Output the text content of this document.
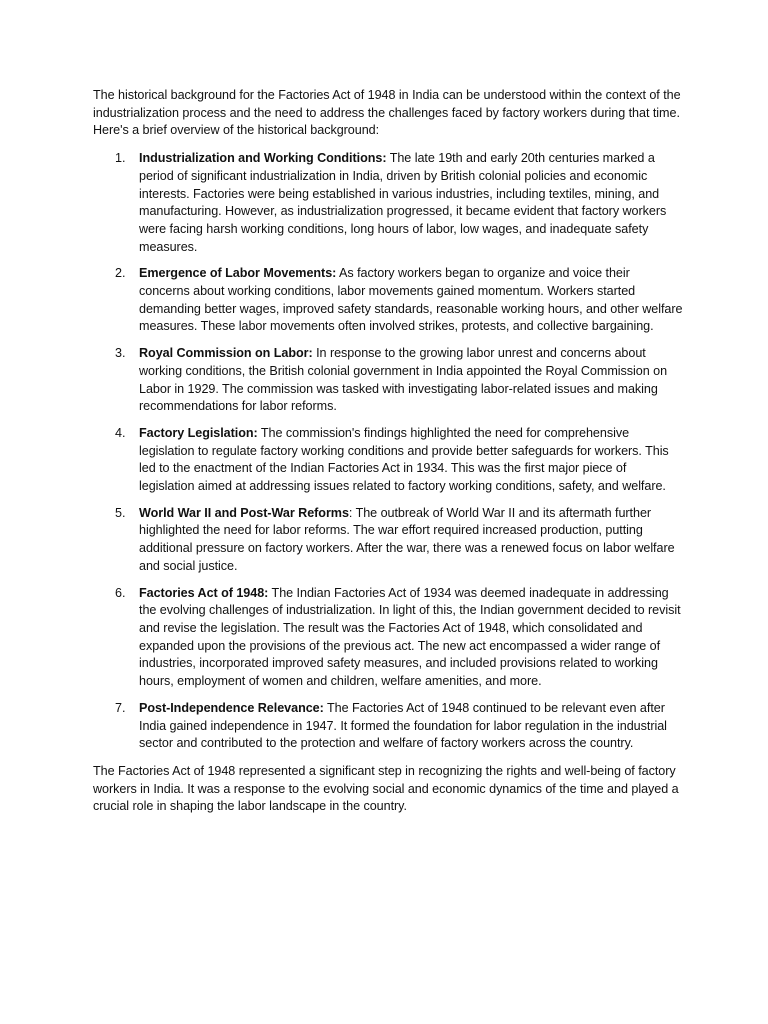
The historical background for the Factories Act of 1948 in India can be understood within the context of the industrialization process and the need to address the challenges faced by factory workers during that time. Here's a brief overview of the historical background:

1. Industrialization and Working Conditions: The late 19th and early 20th centuries marked a period of significant industrialization in India, driven by British colonial policies and economic interests. Factories were being established in various industries, including textiles, mining, and manufacturing. However, as industrialization progressed, it became evident that factory workers were facing harsh working conditions, long hours of labor, low wages, and inadequate safety measures.
2. Emergence of Labor Movements: As factory workers began to organize and voice their concerns about working conditions, labor movements gained momentum. Workers started demanding better wages, improved safety standards, reasonable working hours, and other welfare measures. These labor movements often involved strikes, protests, and collective bargaining.
3. Royal Commission on Labor: In response to the growing labor unrest and concerns about working conditions, the British colonial government in India appointed the Royal Commission on Labor in 1929. The commission was tasked with investigating labor-related issues and making recommendations for labor reforms.
4. Factory Legislation: The commission's findings highlighted the need for comprehensive legislation to regulate factory working conditions and provide better safeguards for workers. This led to the enactment of the Indian Factories Act in 1934. This was the first major piece of legislation aimed at addressing issues related to factory working conditions, safety, and welfare.
5. World War II and Post-War Reforms: The outbreak of World War II and its aftermath further highlighted the need for labor reforms. The war effort required increased production, putting additional pressure on factory workers. After the war, there was a renewed focus on labor welfare and social justice.
6. Factories Act of 1948: The Indian Factories Act of 1934 was deemed inadequate in addressing the evolving challenges of industrialization. In light of this, the Indian government decided to revisit and revise the legislation. The result was the Factories Act of 1948, which consolidated and expanded upon the provisions of the previous act. The new act encompassed a wider range of industries, incorporated improved safety measures, and included provisions related to working hours, employment of women and children, welfare amenities, and more.
7. Post-Independence Relevance: The Factories Act of 1948 continued to be relevant even after India gained independence in 1947. It formed the foundation for labor regulation in the industrial sector and contributed to the protection and welfare of factory workers across the country.

The Factories Act of 1948 represented a significant step in recognizing the rights and well-being of factory workers in India. It was a response to the evolving social and economic dynamics of the time and played a crucial role in shaping the labor landscape in the country.
